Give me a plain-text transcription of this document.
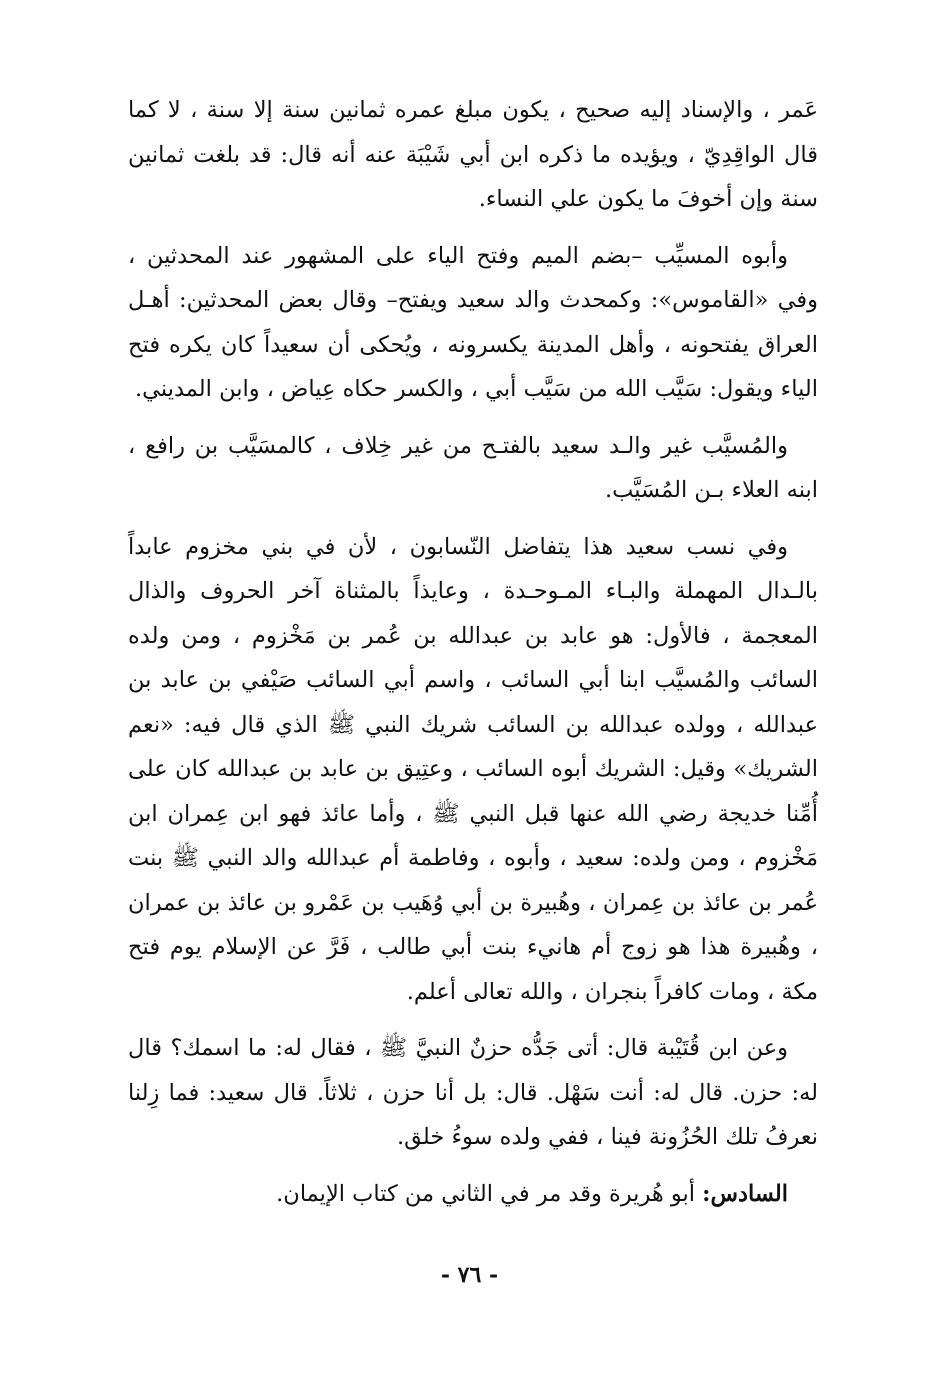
عَمر ، والإسناد إليه صحيح ، يكون مبلغ عمره ثمانين سنة إلا سنة ، لا كما قال الواقِدِيّ ، ويؤيده ما ذكره ابن أبي شَيْبَة عنه أنه قال: قد بلغت ثمانين سنة وإن أخوفَ ما يكون علي النساء.

وأبوه المسيِّب –بضم الميم وفتح الياء على المشهور عند المحدثين ، وفي «القاموس»: وكمحدث والد سعيد ويفتح– وقال بعض المحدثين: أهـل العراق يفتحونه ، وأهل المدينة يكسرونه ، ويُحكى أن سعيداً كان يكره فتح الياء ويقول: سَيَّب الله من سَيَّب أبي ، والكسر حكاه عِياض ، وابن المديني.

والمُسيَّب غير والـد سعيد بالفتـح من غير خِلاف ، كالمسَيَّب بن رافع ، ابنه العلاء بـن المُسَيَّب.

وفي نسب سعيد هذا يتفاضل النّسابون ، لأن في بني مخزوم عابداً بالـدال المهملة والبـاء المـوحـدة ، وعايذاً بالمثناة آخر الحروف والذال المعجمة ، فالأول: هو عابد بن عبدالله بن عُمر بن مَخْزوم ، ومن ولده السائب والمُسيَّب ابنا أبي السائب ، واسم أبي السائب صَيْفي بن عابد بن عبدالله ، وولده عبدالله بن السائب شريك النبي ﷺ الذي قال فيه: «نعم الشريك» وقيل: الشريك أبوه السائب ، وعتِيق بن عابد بن عبدالله كان على أُمِّنا خديجة رضي الله عنها قبل النبي ﷺ ، وأما عائذ فهو ابن عِمران ابن مَخْزوم ، ومن ولده: سعيد ، وأبوه ، وفاطمة أم عبدالله والد النبي ﷺ بنت عُمر بن عائذ بن عِمران ، وهُبيرة بن أبي وُهَيب بن عَمْرو بن عائذ بن عمران ، وهُبيرة هذا هو زوج أم هانيء بنت أبي طالب ، فَرَّ عن الإسلام يوم فتح مكة ، ومات كافراً بنجران ، والله تعالى أعلم.

وعن ابن قُتَيْبة قال: أتى جَدُّه حزنٌ النبيَّ ﷺ ، فقال له: ما اسمك؟ قال له: حزن. قال له: أنت سَهْل. قال: بل أنا حزن ، ثلاثاً. قال سعيد: فما زِلنا نعرفُ تلك الحُزُونة فينا ، ففي ولده سوءُ خلق.

السادس: أبو هُريرة وقد مر في الثاني من كتاب الإيمان.

- ٧٦ -
